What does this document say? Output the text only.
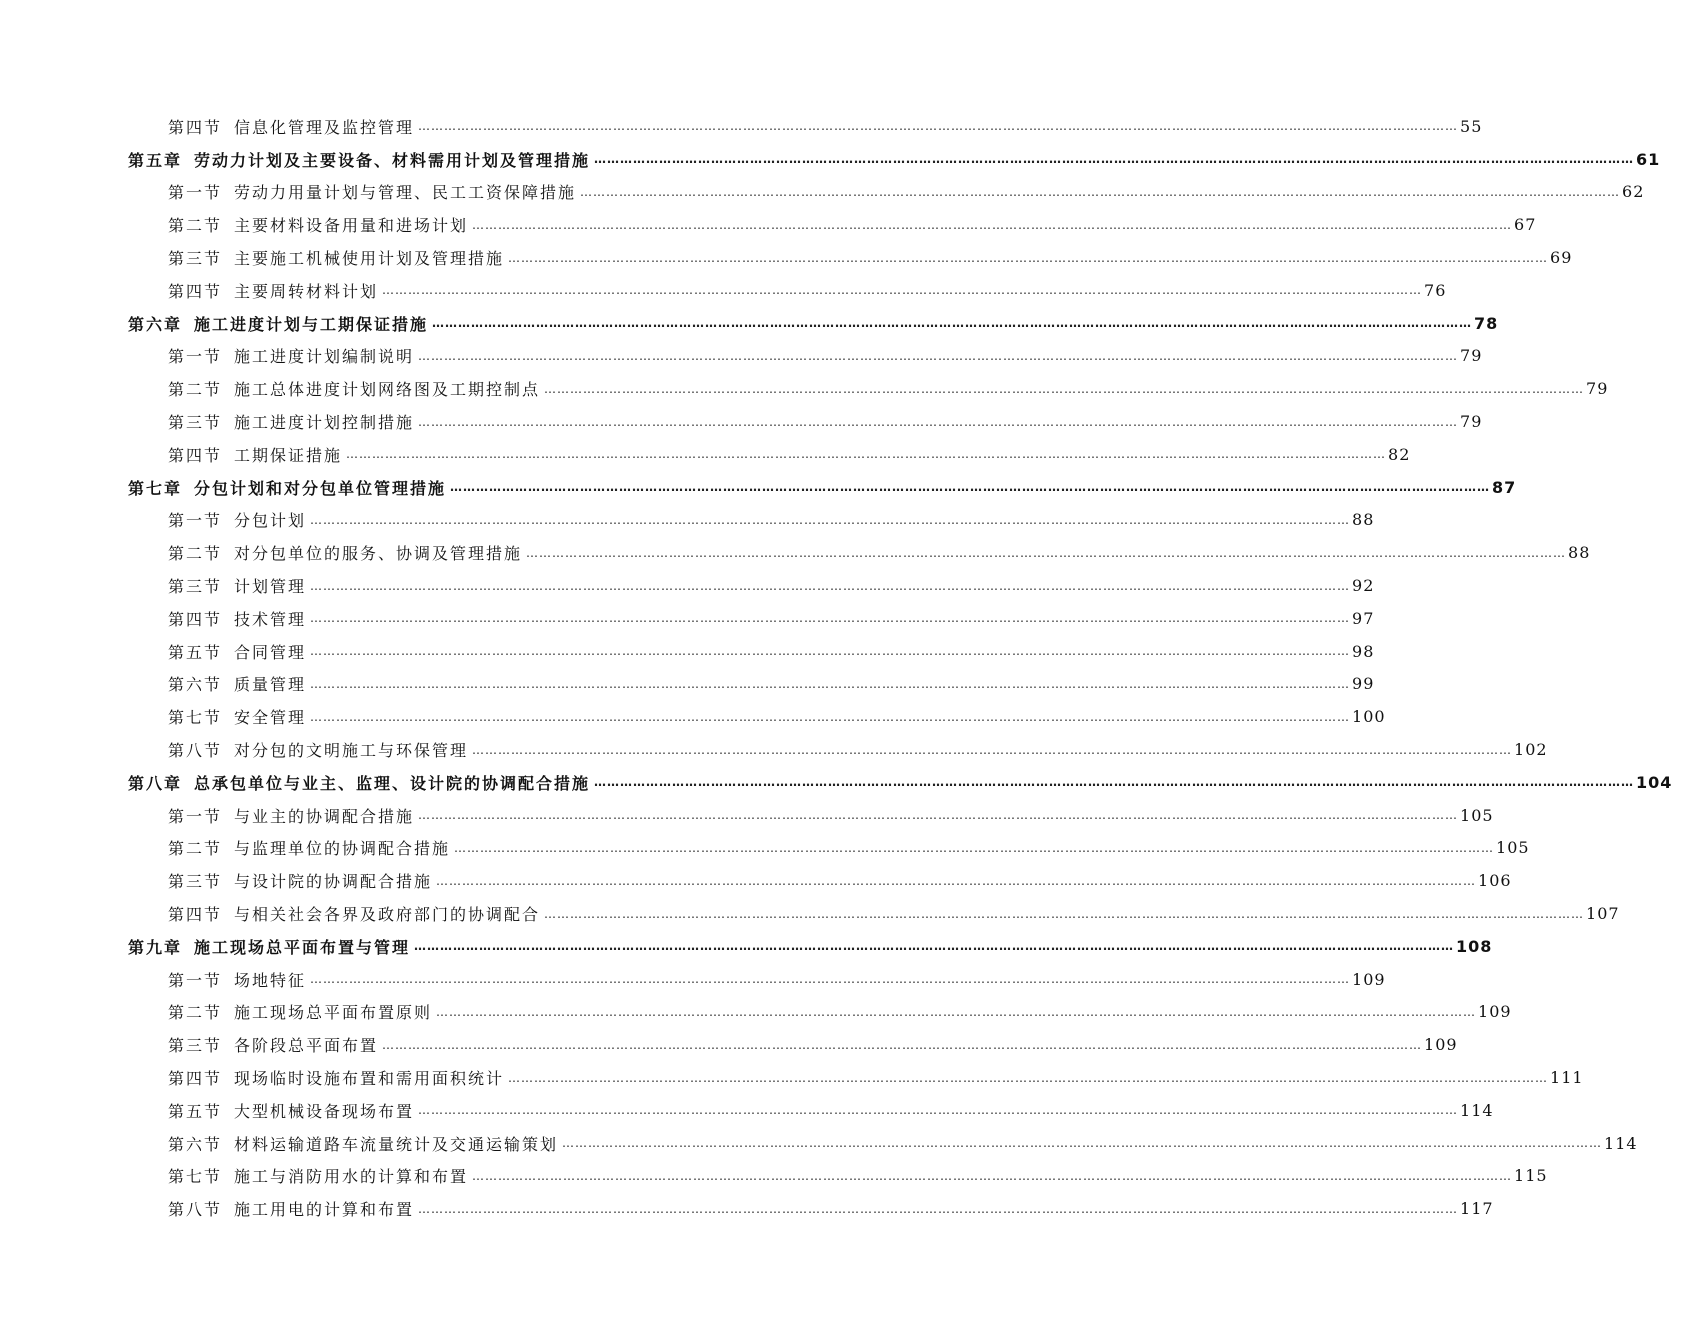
第四节 信息化管理及监控管理 …………………………………………………………………………………………………………………………………………………………………………………………………………………… 55
第五章 劳动力计划及主要设备、材料需用计划及管理措施 …………………………………………………………………………………………………………………………………………………………………………………………………………………… 61
第一节 劳动力用量计划与管理、民工工资保障措施 …………………………………………………………………………………………………………………………………………………………………………………………………………………… 62
第二节 主要材料设备用量和进场计划 …………………………………………………………………………………………………………………………………………………………………………………………………………………… 67
第三节 主要施工机械使用计划及管理措施 …………………………………………………………………………………………………………………………………………………………………………………………………………………… 69
第四节 主要周转材料计划 …………………………………………………………………………………………………………………………………………………………………………………………………………………… 76
第六章 施工进度计划与工期保证措施 …………………………………………………………………………………………………………………………………………………………………………………………………………………… 78
第一节 施工进度计划编制说明 …………………………………………………………………………………………………………………………………………………………………………………………………………………… 79
第二节 施工总体进度计划网络图及工期控制点 …………………………………………………………………………………………………………………………………………………………………………………………………………………… 79
第三节 施工进度计划控制措施 …………………………………………………………………………………………………………………………………………………………………………………………………………………… 79
第四节 工期保证措施 …………………………………………………………………………………………………………………………………………………………………………………………………………………… 82
第七章 分包计划和对分包单位管理措施 …………………………………………………………………………………………………………………………………………………………………………………………………………………… 87
第一节 分包计划 …………………………………………………………………………………………………………………………………………………………………………………………………………………… 88
第二节 对分包单位的服务、协调及管理措施 …………………………………………………………………………………………………………………………………………………………………………………………………………………… 88
第三节 计划管理 …………………………………………………………………………………………………………………………………………………………………………………………………………………… 92
第四节 技术管理 …………………………………………………………………………………………………………………………………………………………………………………………………………………… 97
第五节 合同管理 …………………………………………………………………………………………………………………………………………………………………………………………………………………… 98
第六节 质量管理 …………………………………………………………………………………………………………………………………………………………………………………………………………………… 99
第七节 安全管理 …………………………………………………………………………………………………………………………………………………………………………………………………………………… 100
第八节 对分包的文明施工与环保管理 …………………………………………………………………………………………………………………………………………………………………………………………………………………… 102
第八章 总承包单位与业主、监理、设计院的协调配合措施 …………………………………………………………………………………………………………………………………………………………………………………………………………………… 104
第一节 与业主的协调配合措施 …………………………………………………………………………………………………………………………………………………………………………………………………………………… 105
第二节 与监理单位的协调配合措施 …………………………………………………………………………………………………………………………………………………………………………………………………………………… 105
第三节 与设计院的协调配合措施 …………………………………………………………………………………………………………………………………………………………………………………………………………………… 106
第四节 与相关社会各界及政府部门的协调配合 …………………………………………………………………………………………………………………………………………………………………………………………………………………… 107
第九章 施工现场总平面布置与管理 …………………………………………………………………………………………………………………………………………………………………………………………………………………… 108
第一节 场地特征 …………………………………………………………………………………………………………………………………………………………………………………………………………………… 109
第二节 施工现场总平面布置原则 …………………………………………………………………………………………………………………………………………………………………………………………………………………… 109
第三节 各阶段总平面布置 …………………………………………………………………………………………………………………………………………………………………………………………………………………… 109
第四节 现场临时设施布置和需用面积统计 …………………………………………………………………………………………………………………………………………………………………………………………………………………… 111
第五节 大型机械设备现场布置 …………………………………………………………………………………………………………………………………………………………………………………………………………………… 114
第六节 材料运输道路车流量统计及交通运输策划 …………………………………………………………………………………………………………………………………………………………………………………………………………………… 114
第七节 施工与消防用水的计算和布置 …………………………………………………………………………………………………………………………………………………………………………………………………………………… 115
第八节 施工用电的计算和布置 …………………………………………………………………………………………………………………………………………………………………………………………………………………… 117
